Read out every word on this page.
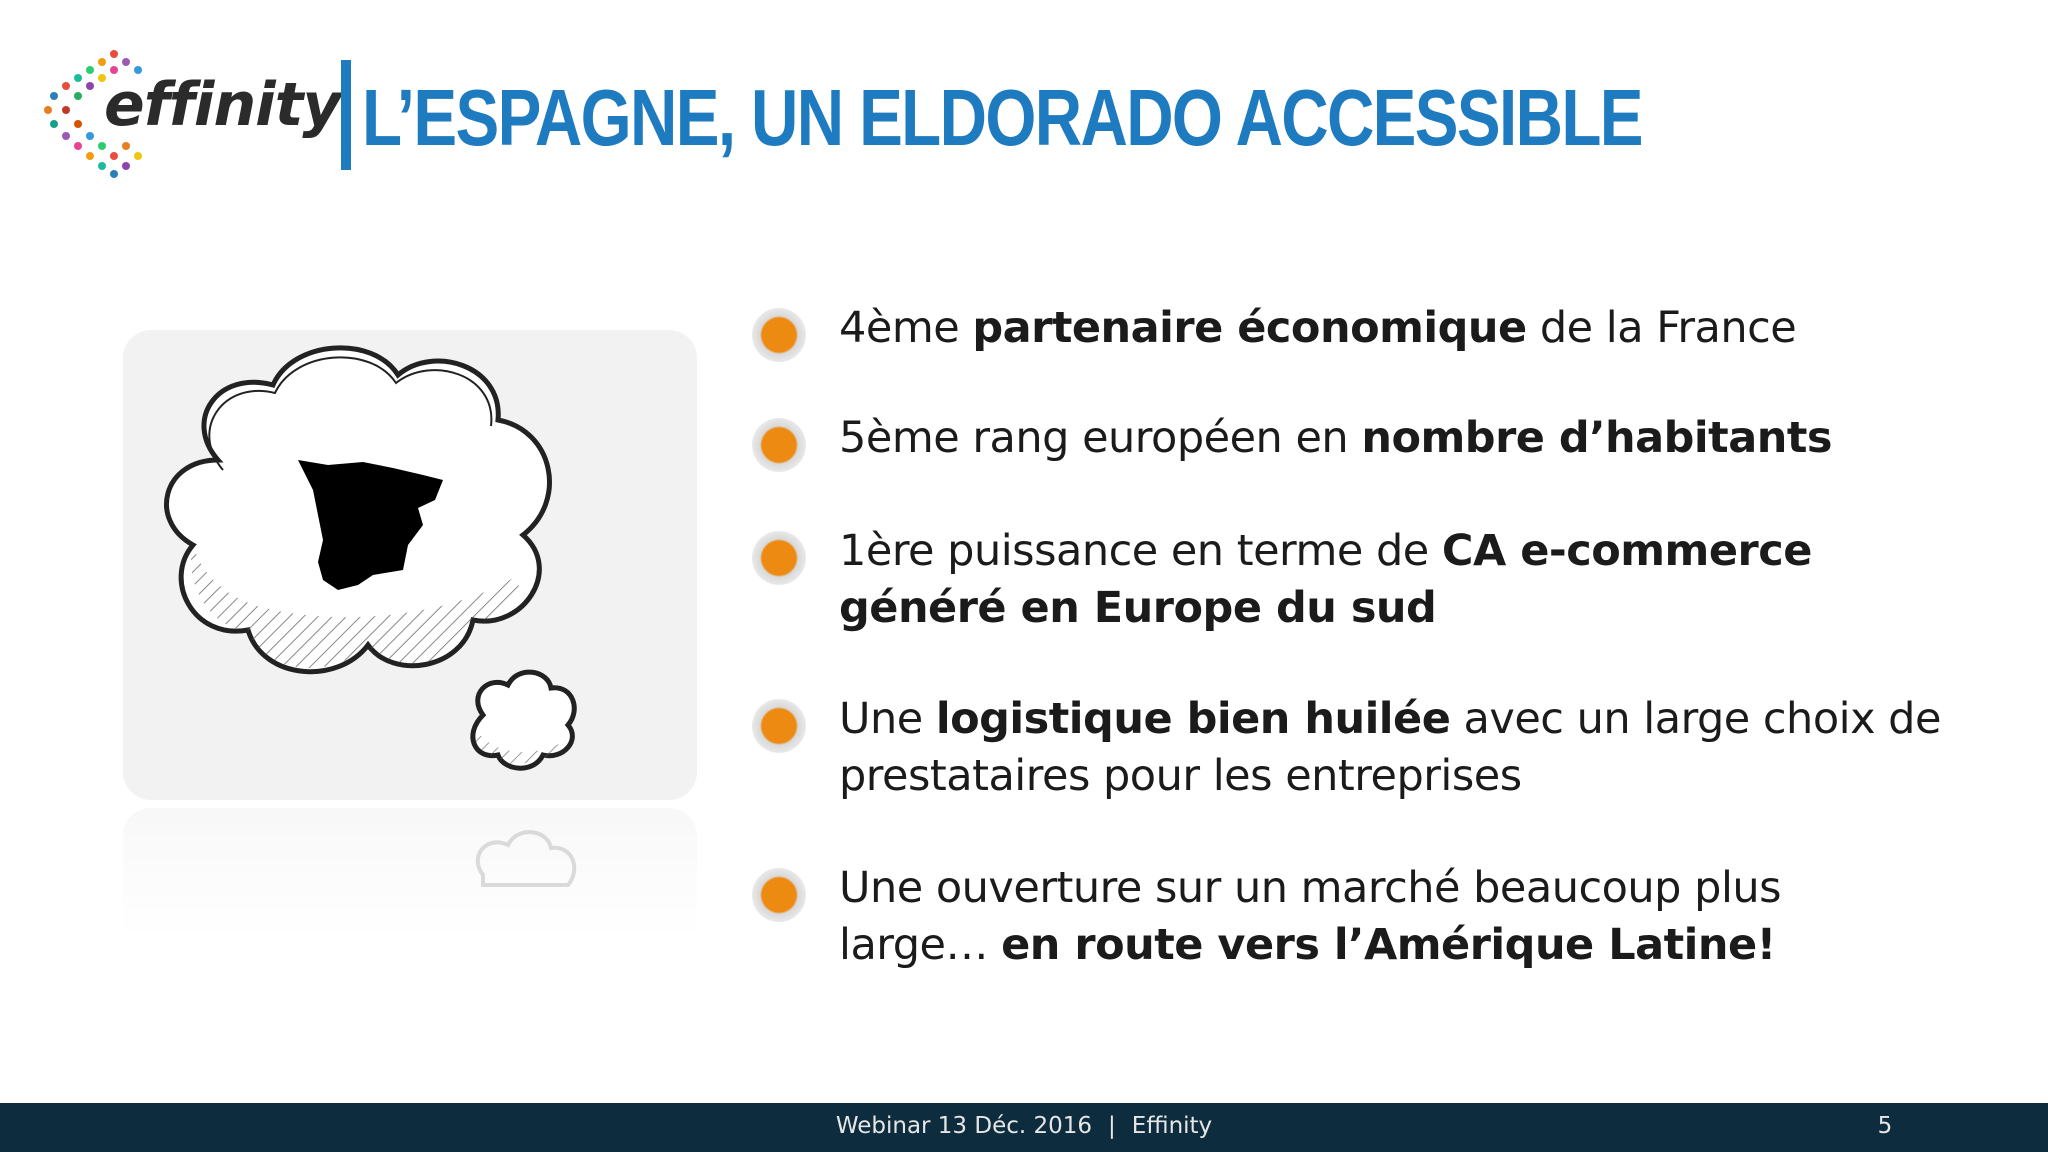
effinity L’ESPAGNE, UN ELDORADO ACCESSIBLE
4ème partenaire économique de la France
5ème rang européen en nombre d’habitants
1ère puissance en terme de CA e-commerce généré en Europe du sud
Une logistique bien huilée avec un large choix de prestataires pour les entreprises
Une ouverture sur un marché beaucoup plus large… en route vers l’Amérique Latine!
Webinar 13 Déc. 2016 | Effinity	5
